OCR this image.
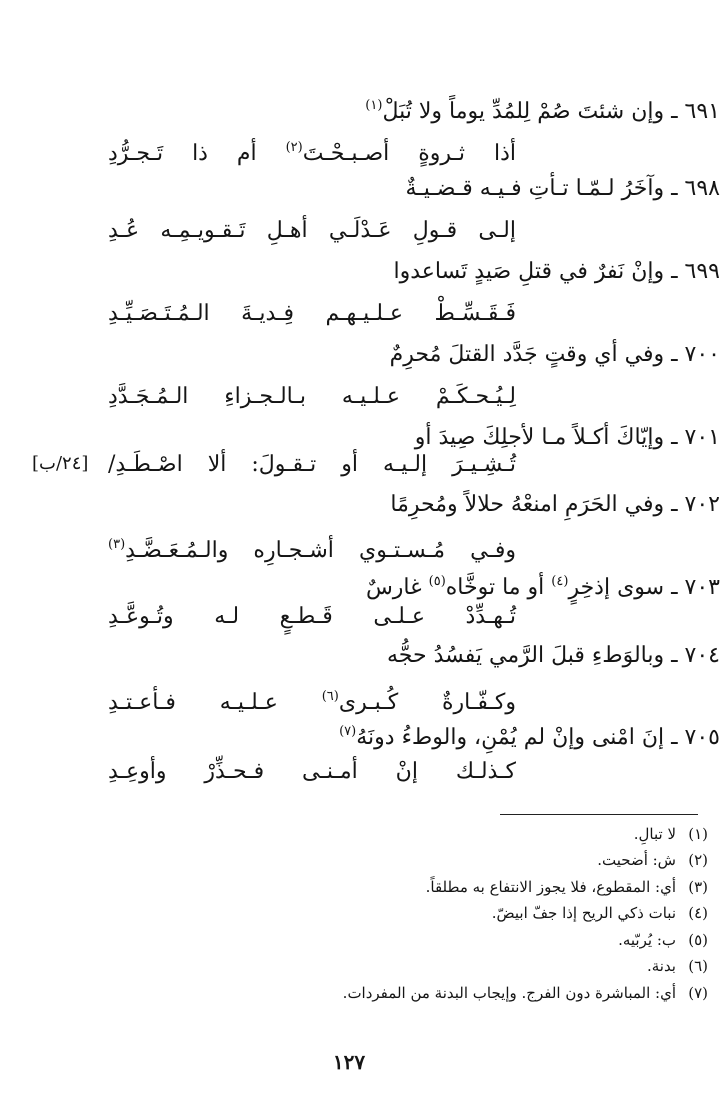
٦٩١ ـ وإن شئتَ صُمْ لِلمُدِّ يوماً ولا تُبَلْ$^{(١)}$
أذا ثـروةٍ أصـبـحْـتَ$^{(٢)}$ أم ذا تَـجـرُّدِ
٦٩٨ ـ وآخَرُ لـمّـا تـأتِ فـيـه قـضـيـةٌ
إلـى قـولِ عَـدْلَـي أهـلِ تَـقـويـمِـه عُـدِ
٦٩٩ ـ وإنْ نَفرٌ في قتلِ صَيدٍ تَساعدوا
فَـقَـسِّـطْ عـلـيـهـم فِـديـةَ الـمُـتَـصَـيِّـدِ
٧٠٠ ـ وفي أي وقتٍ جَدَّد القتلَ مُحرِمٌ
لِـيُـحـكَـمْ عـلـيـه بـالـجـزاءِ الـمُـجَـدَّدِ
٧٠١ ـ وإيّاكَ أكـلاً مـا لأجلِكَ صِيدَ أو
تُـشِـيـرَ إلـيـه أو تـقـولَ: ألا اصْـطَـدِ/
[٢٤/ب]
٧٠٢ ـ وفي الحَرَمِ امنعْهُ حلالاً ومُحرِمًا
وفـي مُـسـتـوي أشـجـارِه والـمُـعَـضَّـدِ$^{(٣)}$
٧٠٣ ـ سوى إذخِرٍ$^{(٤)}$ أو ما توخَّاه$^{(٥)}$ غارسٌ
تُـهـدِّدْ عـلـى قَـطـعٍ لـه وتُـوعَّـدِ
٧٠٤ ـ وبالوَطءِ قبلَ الرَّمي يَفسُدُ حجُّه
وكـفّـارةٌ كُـبـرى$^{(٦)}$ عـلـيـه فـأعـتـدِ
٧٠٥ ـ إنَ امْنى وإنْ لم يُمْنِ، والوطءُ دونَهُ$^{(٧)}$
كـذلـك إنْ أمـنـى فـحـذِّرْ وأوعِـدِ
(١)لا تبالِ.
(٢)ش: أضحيت.
(٣)أي: المقطوع، فلا يجوز الانتفاع به مطلقاً.
(٤)نبات ذكي الريح إذا جفّ ابيضّ.
(٥)ب: يُربّيه.
(٦)بدنة.
(٧)أي: المباشرة دون الفرج. وإيجاب البدنة من المفردات.
١٢٧
